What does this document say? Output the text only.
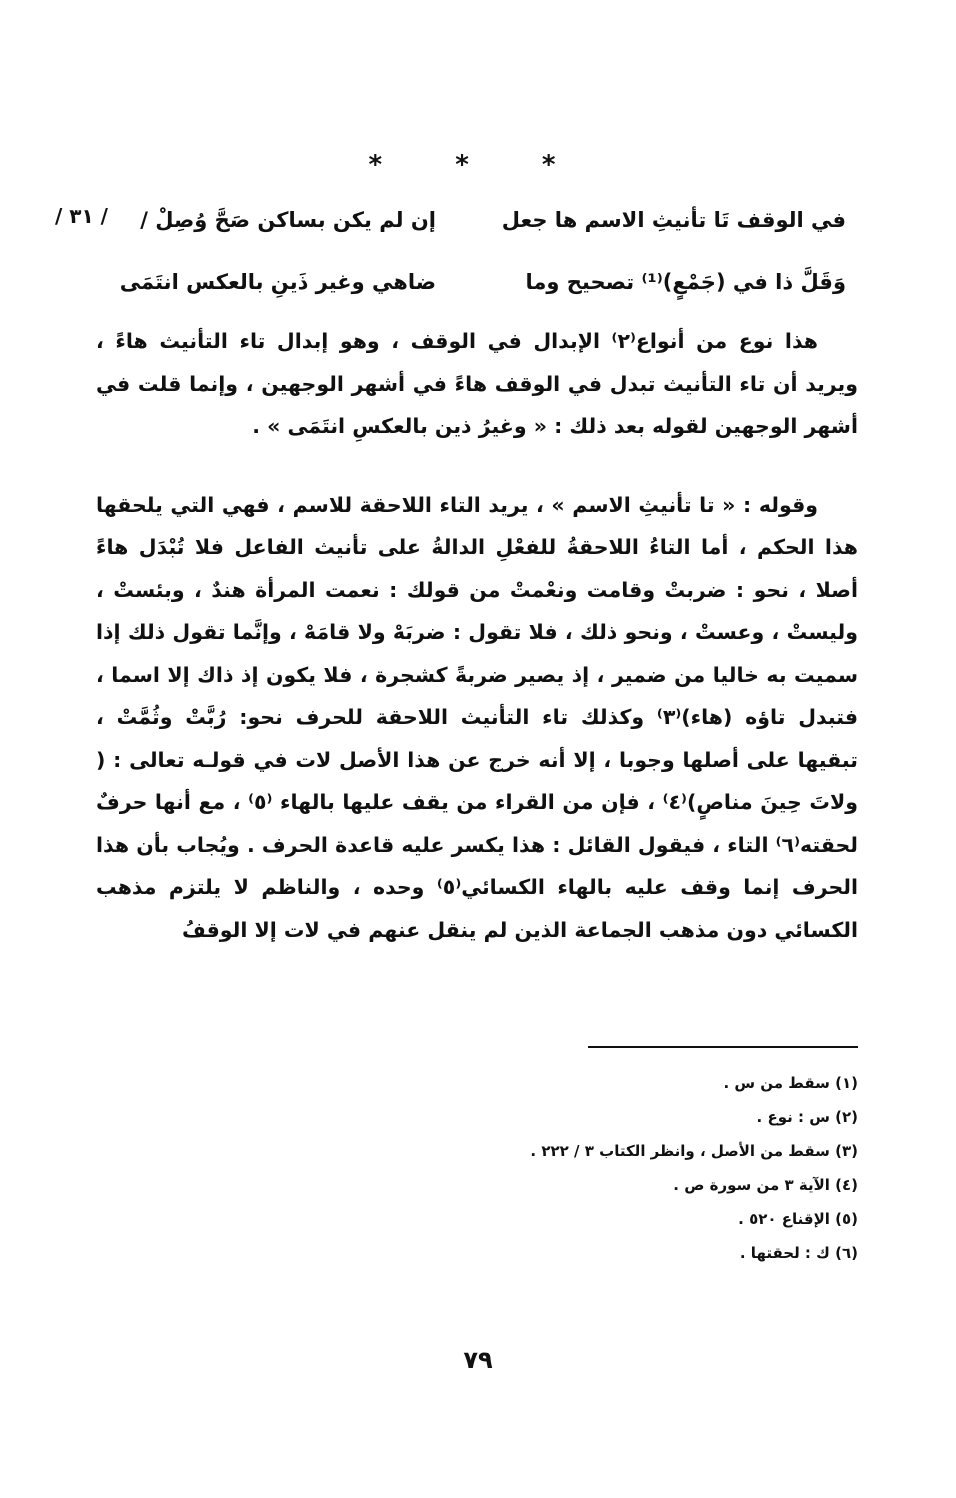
* * *
/ ٣١ /	في الوقف تَا تأنيثِ الاسم ها جعل
إن لم يكن بساكن صَحَّ وُصِلْ /
وَقَلَّ ذا في (جَمْعٍ)⁽¹⁾ تصحيح وما
ضاهي وغير ذَينِ بالعكس انتَمَى

هذا نوع من أنواع⁽٢⁾ الإبدال في الوقف ، وهو إبدال تاء التأنيث هاءً ، ويريد أن تاء التأنيث تبدل في الوقف هاءً في أشهر الوجهين ، وإنما قلت في أشهر الوجهين لقوله بعد ذلك : « وغيرُ ذين بالعكسِ انتَمَى » .

وقوله : « تا تأنيثِ الاسم » ، يريد التاء اللاحقة للاسم ، فهي التي يلحقها هذا الحكم ، أما التاءُ اللاحقةُ للفعْلِ الدالةُ على تأنيث الفاعل فلا تُبْدَل هاءً أصلا ، نحو : ضربتْ وقامت ونعْمتْ من قولك : نعمت المرأة هندٌ ، وبئستْ ، وليستْ ، وعستْ ، ونحو ذلك ، فلا تقول : ضربَهْ ولا قامَهْ ، وإنَّما تقول ذلك إذا سميت به خاليا من ضمير ، إذ يصير ضربةً كشجرة ، فلا يكون إذ ذاك إلا اسما ، فتبدل تاؤه (هاء)⁽٣⁾ وكذلك تاء التأنيث اللاحقة للحرف نحو: رُبَّتْ وثُمَّتْ ، تبقيها على أصلها وجوبا ، إلا أنه خرج عن هذا الأصل لات في قولـه تعالى : ( ولاتَ حِينَ مناصٍ)⁽٤⁾ ، فإن من القراء من يقف عليها بالهاء ⁽٥⁾ ، مع أنها حرفٌ لحقته⁽٦⁾ التاء ، فيقول القائل : هذا يكسر عليه قاعدة الحرف . ويُجاب بأن هذا الحرف إنما وقف عليه بالهاء الكسائي⁽٥⁾ وحده ، والناظم لا يلتزم مذهب الكسائي دون مذهب الجماعة الذين لم ينقل عنهم في لات إلا الوقفُ

(١) سقط من س .
(٢) س : نوع .
(٣) سقط من الأصل ، وانظر الكتاب ٣ / ٢٢٢ .
(٤) الآية ٣ من سورة ص .
(٥) الإقناع ٥٢٠ .
(٦) ك : لحقتها .
٧٩
